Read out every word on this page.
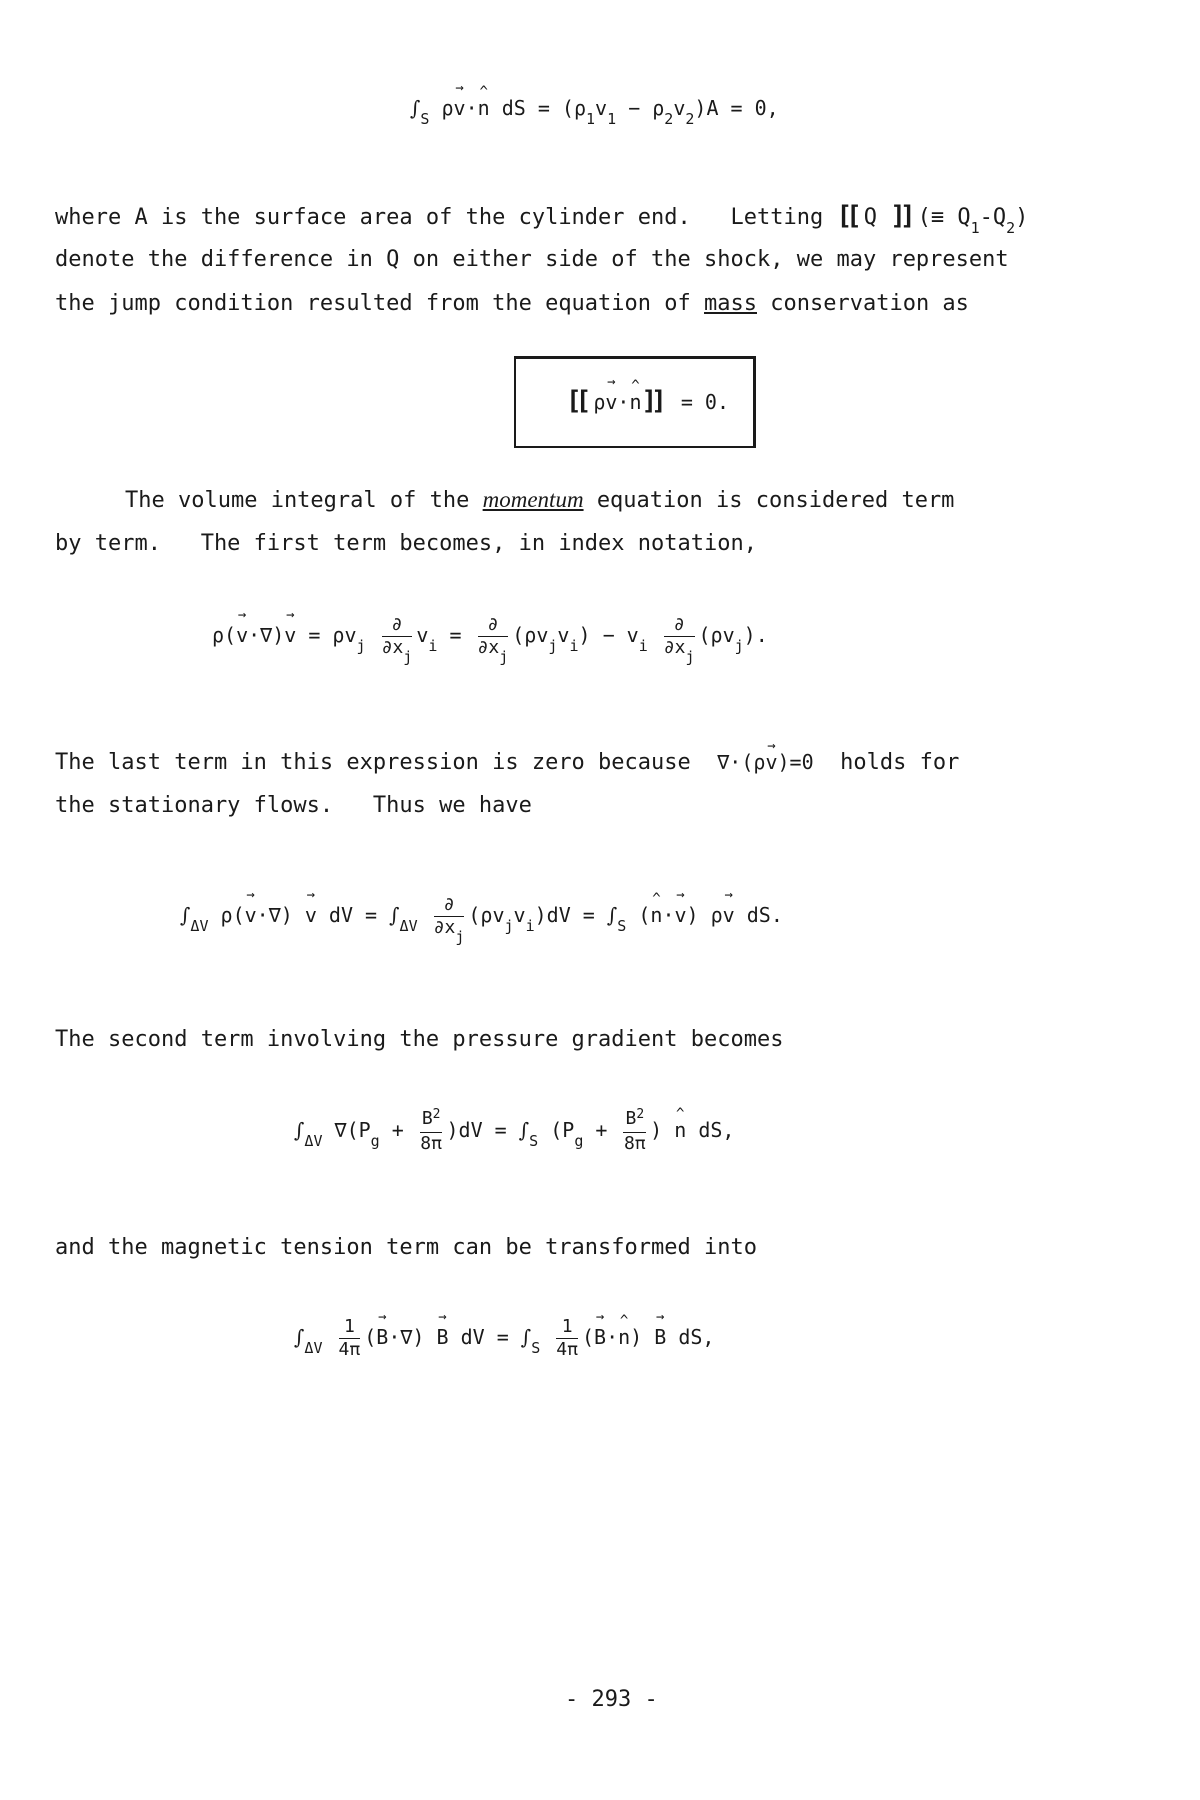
$\int_S$ ρ→ v·^ n dS = $(\rho_1v_1 - \rho_2v_2)A = 0$,
where A is the surface area of the cylinder end. Letting [[ Q ]] (≡ $Q_1-Q_2$)
denote the difference in Q on either side of the shock, we may represent
the jump condition resulted from the equation of mass conservation as
[[ ρ→ v·^ n]] = 0.
The volume integral of the momentum equation is considered term
by term.   The first term becomes, in index notation,
$\rho(\to v\cdot\nabla)\to v = \rho v_j \frac{\partial}{\partial x_j} v_i = \frac{\partial}{\partial x_j} (\rho v_jv_i) - v_i \frac{\partial}{\partial x_j} (\rho v_j)$.
The last term in this expression is zero because ∇·(ρ→ v)=0 holds for
the stationary flows.   Thus we have
$\int_{\Delta V}$ ρ(→ v·∇) → v dV = $\int_{\Delta V} \frac{\partial}{\partial x_j} (\rho v_jv_i)dV = \int_S$ (^ n·→ v) ρ→ v dS.
The second term involving the pressure gradient becomes
$\int_{\Delta V}$ $\nabla(P_g + \frac{B^2}{8\pi} )dV = \int_S$ ($P_g + \frac{B^2}{8\pi}$ ) ^ n dS,
and the magnetic tension term can be transformed into
$\int_{\Delta V} \frac{1}{4\pi}$ (→ B·∇) → B dV = $\int_S \frac{1}{4\pi}$ (→ B·^ n) → B dS,
- 293 -
